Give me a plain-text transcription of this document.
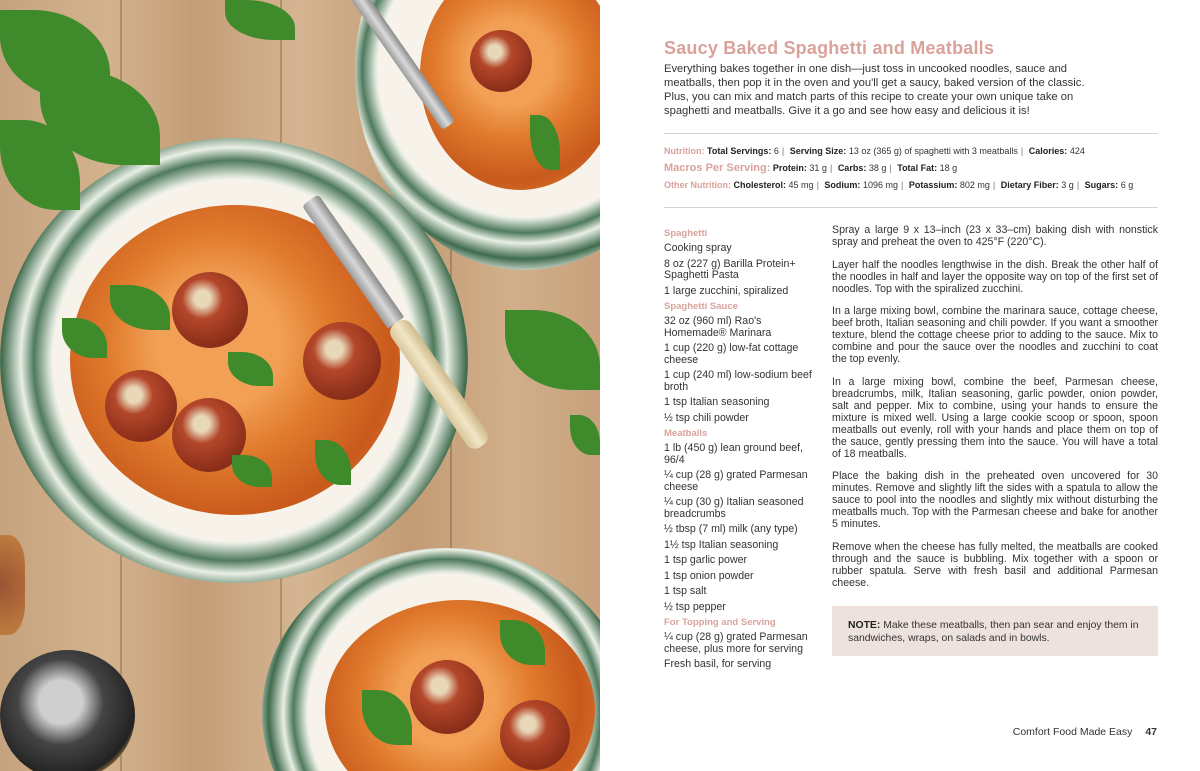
Saucy Baked Spaghetti and Meatballs
Everything bakes together in one dish—just toss in uncooked noodles, sauce and meatballs, then pop it in the oven and you'll get a saucy, baked version of the classic. Plus, you can mix and match parts of this recipe to create your own unique take on spaghetti and meatballs. Give it a go and see how easy and delicious it is!
Nutrition: Total Servings: 6 | Serving Size: 13 oz (365 g) of spaghetti with 3 meatballs | Calories: 424
Macros Per Serving: Protein: 31 g | Carbs: 38 g | Total Fat: 18 g
Other Nutrition: Cholesterol: 45 mg | Sodium: 1096 mg | Potassium: 802 mg | Dietary Fiber: 3 g | Sugars: 6 g
Spaghetti
Cooking spray
8 oz (227 g) Barilla Protein+ Spaghetti Pasta
1 large zucchini, spiralized
Spaghetti Sauce
32 oz (960 ml) Rao's Homemade® Marinara
1 cup (220 g) low-fat cottage cheese
1 cup (240 ml) low-sodium beef broth
1 tsp Italian seasoning
½ tsp chili powder
Meatballs
1 lb (450 g) lean ground beef, 96/4
¼ cup (28 g) grated Parmesan cheese
¼ cup (30 g) Italian seasoned breadcrumbs
½ tbsp (7 ml) milk (any type)
1½ tsp Italian seasoning
1 tsp garlic power
1 tsp onion powder
1 tsp salt
½ tsp pepper
For Topping and Serving
¼ cup (28 g) grated Parmesan cheese, plus more for serving
Fresh basil, for serving

Spray a large 9 x 13–inch (23 x 33–cm) baking dish with nonstick spray and preheat the oven to 425°F (220°C).

Layer half the noodles lengthwise in the dish. Break the other half of the noodles in half and layer the opposite way on top of the first set of noodles. Top with the spiralized zucchini.

In a large mixing bowl, combine the marinara sauce, cottage cheese, beef broth, Italian seasoning and chili powder. If you want a smoother texture, blend the cottage cheese prior to adding to the sauce. Mix to combine and pour the sauce over the noodles and zucchini to coat the top evenly.

In a large mixing bowl, combine the beef, Parmesan cheese, breadcrumbs, milk, Italian seasoning, garlic powder, onion powder, salt and pepper. Mix to combine, using your hands to ensure the mixture is mixed well. Using a large cookie scoop or spoon, spoon meatballs out evenly, roll with your hands and place them on top of the sauce, gently pressing them into the sauce. You will have a total of 18 meatballs.

Place the baking dish in the preheated oven uncovered for 30 minutes. Remove and slightly lift the sides with a spatula to allow the sauce to pool into the noodles and slightly mix without disturbing the meatballs much. Top with the Parmesan cheese and bake for another 5 minutes.

Remove when the cheese has fully melted, the meatballs are cooked through and the sauce is bubbling. Mix together with a spoon or rubber spatula. Serve with fresh basil and additional Parmesan cheese.

NOTE: Make these meatballs, then pan sear and enjoy them in sandwiches, wraps, on salads and in bowls.
Comfort Food Made Easy 47
